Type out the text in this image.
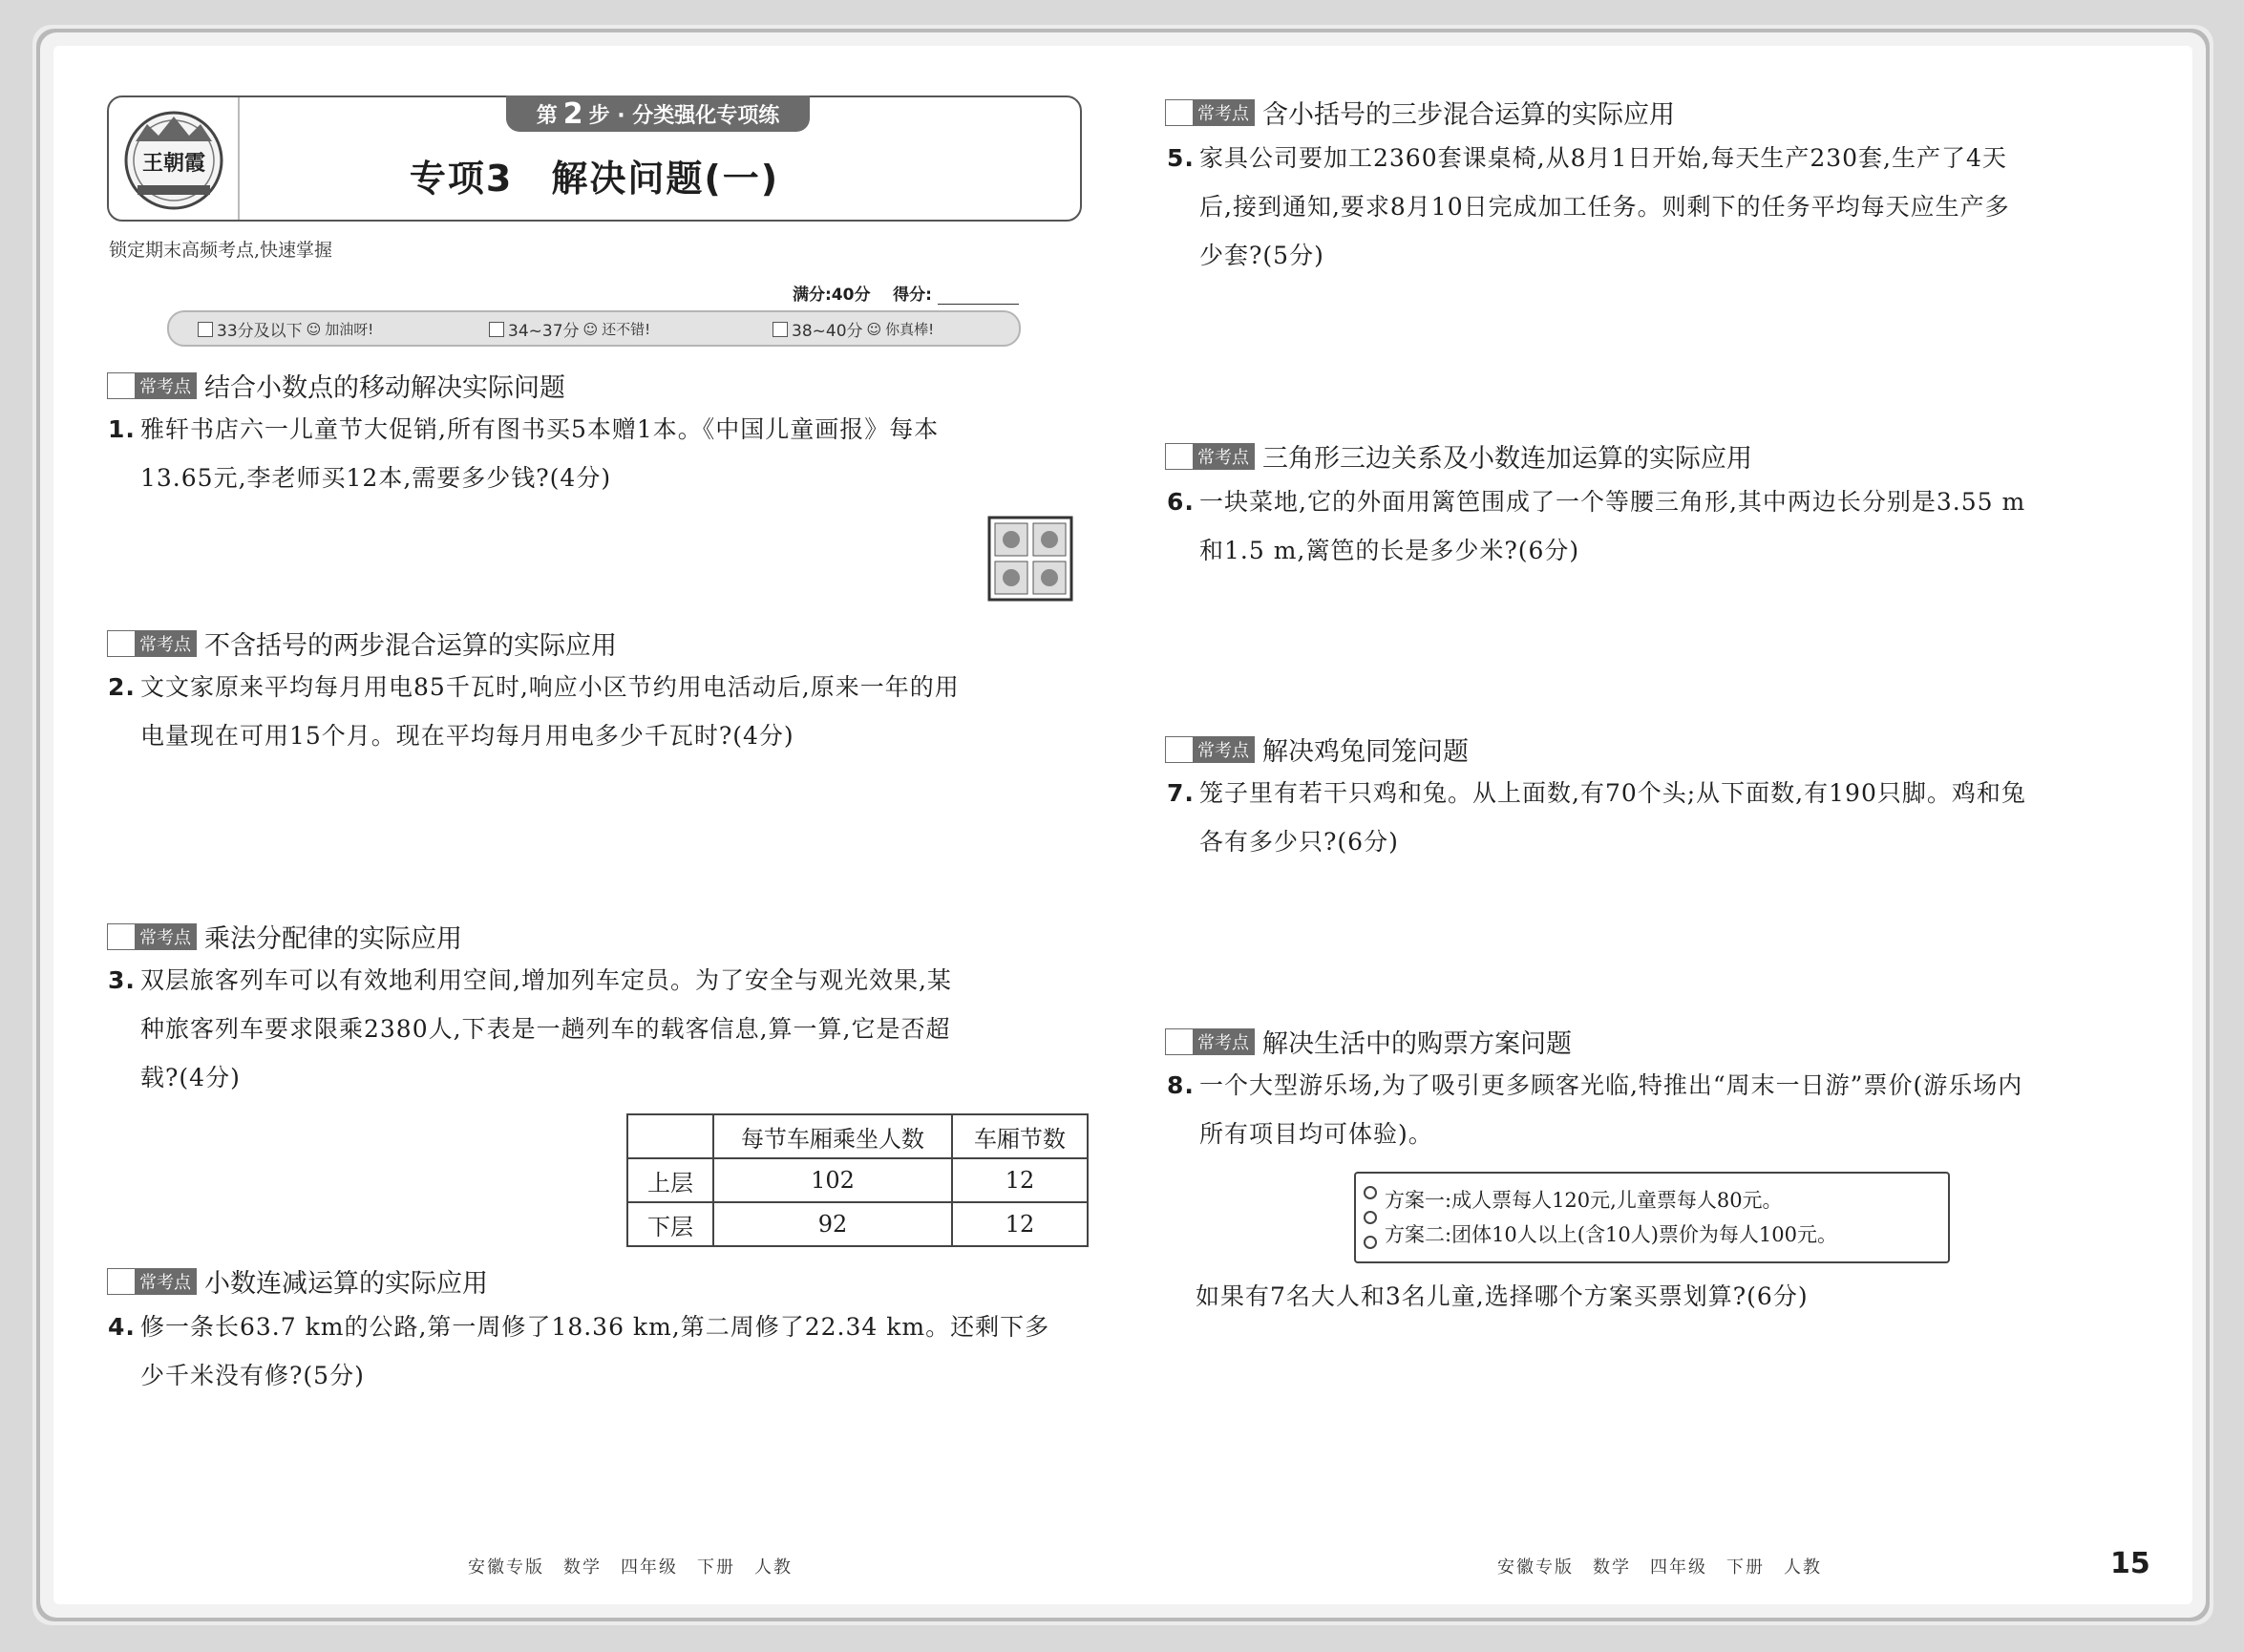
王朝霞
第 2 步 · 分类强化专项练
专项3　解决问题(一)
锁定期末高频考点,快速掌握
满分:40分 得分:
33分及以下 ☺ 加油呀!	34~37分 ☺ 还不错!	38~40分 ☺ 你真棒!
常考点 结合小数点的移动解决实际问题
1. 雅轩书店六一儿童节大促销,所有图书买5本赠1本。《中国儿童画报》每本
13.65元,李老师买12本,需要多少钱?(4分)
常考点 不含括号的两步混合运算的实际应用
2. 文文家原来平均每月用电85千瓦时,响应小区节约用电活动后,原来一年的用
电量现在可用15个月。现在平均每月用电多少千瓦时?(4分)
常考点 乘法分配律的实际应用
3. 双层旅客列车可以有效地利用空间,增加列车定员。为了安全与观光效果,某
种旅客列车要求限乘2380人,下表是一趟列车的载客信息,算一算,它是否超
载?(4分)
	每节车厢乘坐人数	车厢节数
上层	102	12
下层	92	12
常考点 小数连减运算的实际应用
4. 修一条长63.7 km的公路,第一周修了18.36 km,第二周修了22.34 km。还剩下多
少千米没有修?(5分)
常考点 含小括号的三步混合运算的实际应用
5. 家具公司要加工2360套课桌椅,从8月1日开始,每天生产230套,生产了4天
后,接到通知,要求8月10日完成加工任务。则剩下的任务平均每天应生产多
少套?(5分)
常考点 三角形三边关系及小数连加运算的实际应用
6. 一块菜地,它的外面用篱笆围成了一个等腰三角形,其中两边长分别是3.55 m
和1.5 m,篱笆的长是多少米?(6分)
常考点 解决鸡兔同笼问题
7. 笼子里有若干只鸡和兔。从上面数,有70个头;从下面数,有190只脚。鸡和兔
各有多少只?(6分)
常考点 解决生活中的购票方案问题
8. 一个大型游乐场,为了吸引更多顾客光临,特推出“周末一日游”票价(游乐场内
所有项目均可体验)。
方案一:成人票每人120元,儿童票每人80元。
方案二:团体10人以上(含10人)票价为每人100元。
如果有7名大人和3名儿童,选择哪个方案买票划算?(6分)
安徽专版　数学　四年级　下册　人教	安徽专版　数学　四年级　下册　人教	15
